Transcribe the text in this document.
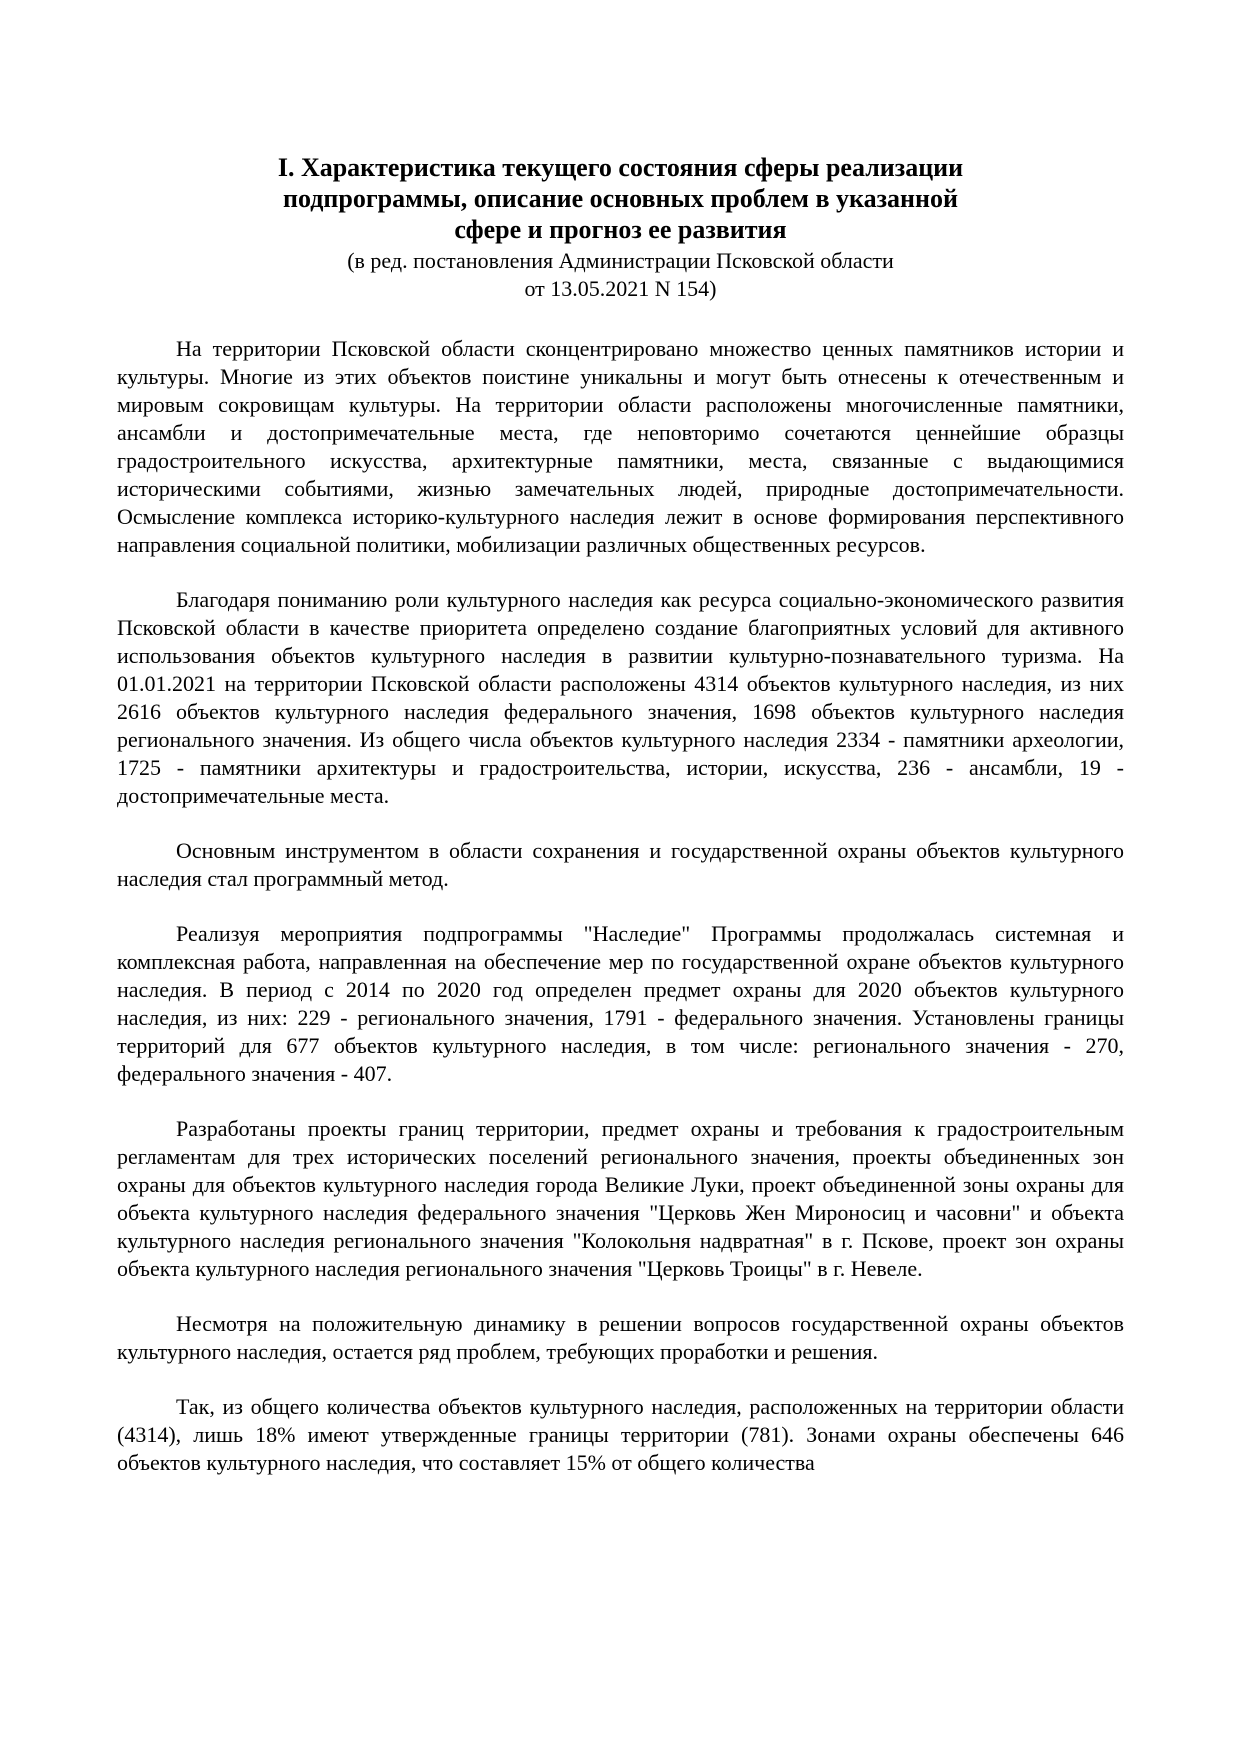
I. Характеристика текущего состояния сферы реализации
подпрограммы, описание основных проблем в указанной
сфере и прогноз ее развития
(в ред. постановления Администрации Псковской области
от 13.05.2021 N 154)

На территории Псковской области сконцентрировано множество ценных памятников истории и культуры. Многие из этих объектов поистине уникальны и могут быть отнесены к отечественным и мировым сокровищам культуры. На территории области расположены многочисленные памятники, ансамбли и достопримечательные места, где неповторимо сочетаются ценнейшие образцы градостроительного искусства, архитектурные памятники, места, связанные с выдающимися историческими событиями, жизнью замечательных людей, природные достопримечательности. Осмысление комплекса историко-культурного наследия лежит в основе формирования перспективного направления социальной политики, мобилизации различных общественных ресурсов.

Благодаря пониманию роли культурного наследия как ресурса социально-экономического развития Псковской области в качестве приоритета определено создание благоприятных условий для активного использования объектов культурного наследия в развитии культурно-познавательного туризма. На 01.01.2021 на территории Псковской области расположены 4314 объектов культурного наследия, из них 2616 объектов культурного наследия федерального значения, 1698 объектов культурного наследия регионального значения. Из общего числа объектов культурного наследия 2334 - памятники археологии, 1725 - памятники архитектуры и градостроительства, истории, искусства, 236 - ансамбли, 19 - достопримечательные места.

Основным инструментом в области сохранения и государственной охраны объектов культурного наследия стал программный метод.

Реализуя мероприятия подпрограммы "Наследие" Программы продолжалась системная и комплексная работа, направленная на обеспечение мер по государственной охране объектов культурного наследия. В период с 2014 по 2020 год определен предмет охраны для 2020 объектов культурного наследия, из них: 229 - регионального значения, 1791 - федерального значения. Установлены границы территорий для 677 объектов культурного наследия, в том числе: регионального значения - 270, федерального значения - 407.

Разработаны проекты границ территории, предмет охраны и требования к градостроительным регламентам для трех исторических поселений регионального значения, проекты объединенных зон охраны для объектов культурного наследия города Великие Луки, проект объединенной зоны охраны для объекта культурного наследия федерального значения "Церковь Жен Мироносиц и часовни" и объекта культурного наследия регионального значения "Колокольня надвратная" в г. Пскове, проект зон охраны объекта культурного наследия регионального значения "Церковь Троицы" в г. Невеле.

Несмотря на положительную динамику в решении вопросов государственной охраны объектов культурного наследия, остается ряд проблем, требующих проработки и решения.

Так, из общего количества объектов культурного наследия, расположенных на территории области (4314), лишь 18% имеют утвержденные границы территории (781). Зонами охраны обеспечены 646 объектов культурного наследия, что составляет 15% от общего количества
